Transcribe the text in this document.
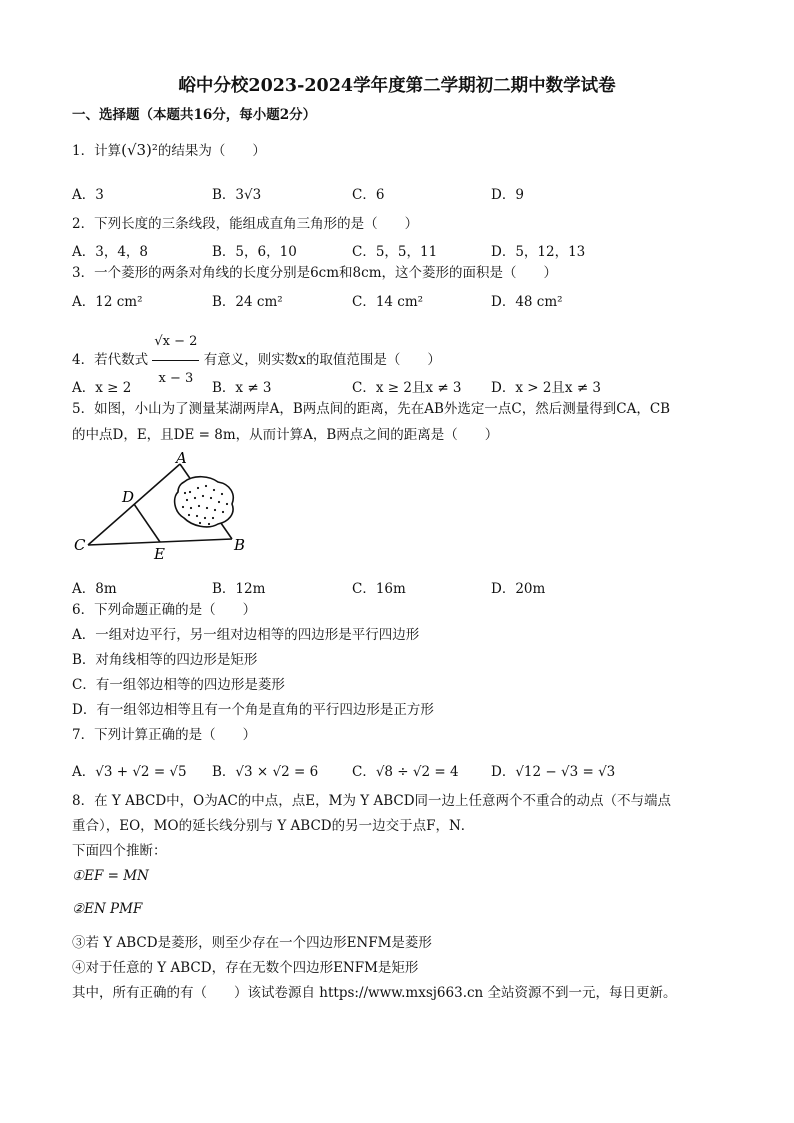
峪中分校2023-2024学年度第二学期初二期中数学试卷
一、选择题（本题共16分，每小题2分）
1．计算(√3)²的结果为（　　）
A．3	B．3√3	C．6	D．9
2．下列长度的三条线段，能组成直角三角形的是（　　）
A．3，4，8	B．5，6，10	C．5，5，11	D．5，12，13
3．一个菱形的两条对角线的长度分别是6cm和8cm，这个菱形的面积是（　　）
A．12 cm²	B．24 cm²	C．14 cm²	D．48 cm²
4．若代数式 $\frac{√x - 2}{x - 3}$ 有意义，则实数x的取值范围是（　　）
A．x ≥ 2	B．x ≠ 3	C．x ≥ 2且x ≠ 3 D．x > 2且x ≠ 3
5．如图，小山为了测量某湖两岸A，B两点间的距离，先在AB外选定一点C，然后测量得到CA，CB
的中点D，E，且DE = 8m，从而计算A，B两点之间的距离是（　　）
A
B
C
D
E
A．8m	B．12m	C．16m	D．20m
6．下列命题正确的是（　　）
A．一组对边平行，另一组对边相等的四边形是平行四边形
B．对角线相等的四边形是矩形
C．有一组邻边相等的四边形是菱形
D．有一组邻边相等且有一个角是直角的平行四边形是正方形
7．下列计算正确的是（　　）
A．√3 + √2 = √5 B．√3 × √2 = 6	C．√8 ÷ √2 = 4 D．√12 − √3 = √3
8．在 Y ABCD中，O为AC的中点，点E，M为 Y ABCD同一边上任意两个不重合的动点（不与端点
重合），EO，MO的延长线分别与 Y ABCD的另一边交于点F，N．
下面四个推断：
①EF = MN
②EN PMF
③若 Y ABCD是菱形，则至少存在一个四边形ENFM是菱形
④对于任意的 Y ABCD，存在无数个四边形ENFM是矩形
其中，所有正确的有（　　）该试卷源自 https://www.mxsj663.cn 全站资源不到一元，每日更新。
